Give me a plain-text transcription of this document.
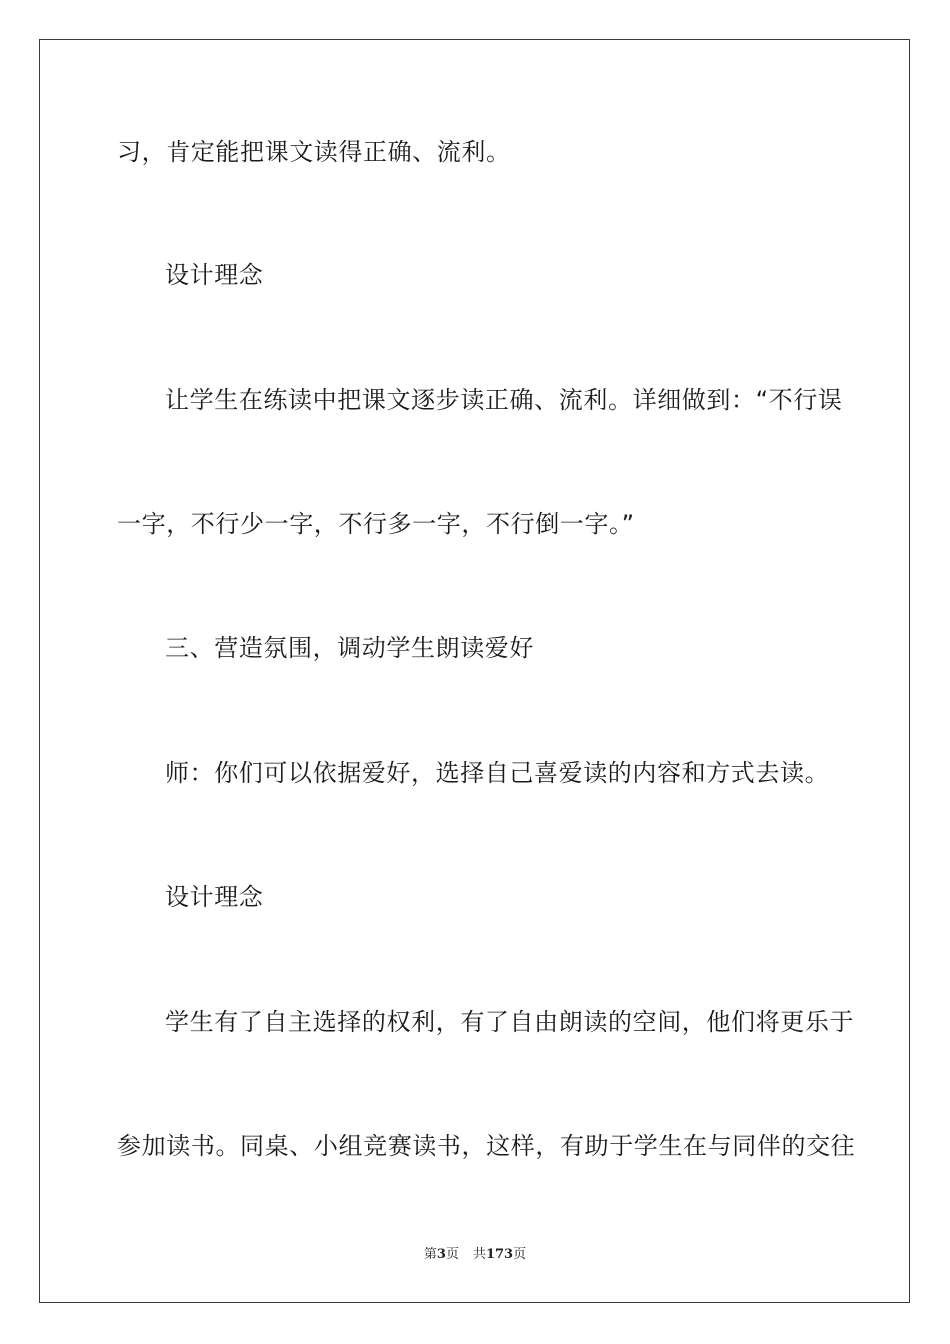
习，肯定能把课文读得正确、流利。
设计理念
让 学 生 在 练 读 中 把 课 文 逐 步 读 正 确 、 流 利 。 详 细 做 到 ： “ 不 行 误
一字，不行少一字，不行多一字，不行倒一字。”
三、营造氛围，调动学生朗读爱好
师：你们可以依据爱好，选择自己喜爱读的内容和方式去读。
设计理念
学 生 有 了 自 主 选 择 的 权 利 ， 有 了 自 由 朗 读 的 空 间 ， 他 们 将 更 乐 于
参 加 读 书 。 同 桌 、 小 组 竞 赛 读 书 ， 这 样 ， 有 助 于 学 生 在 与 同 伴 的 交 往
第3页 共173页
